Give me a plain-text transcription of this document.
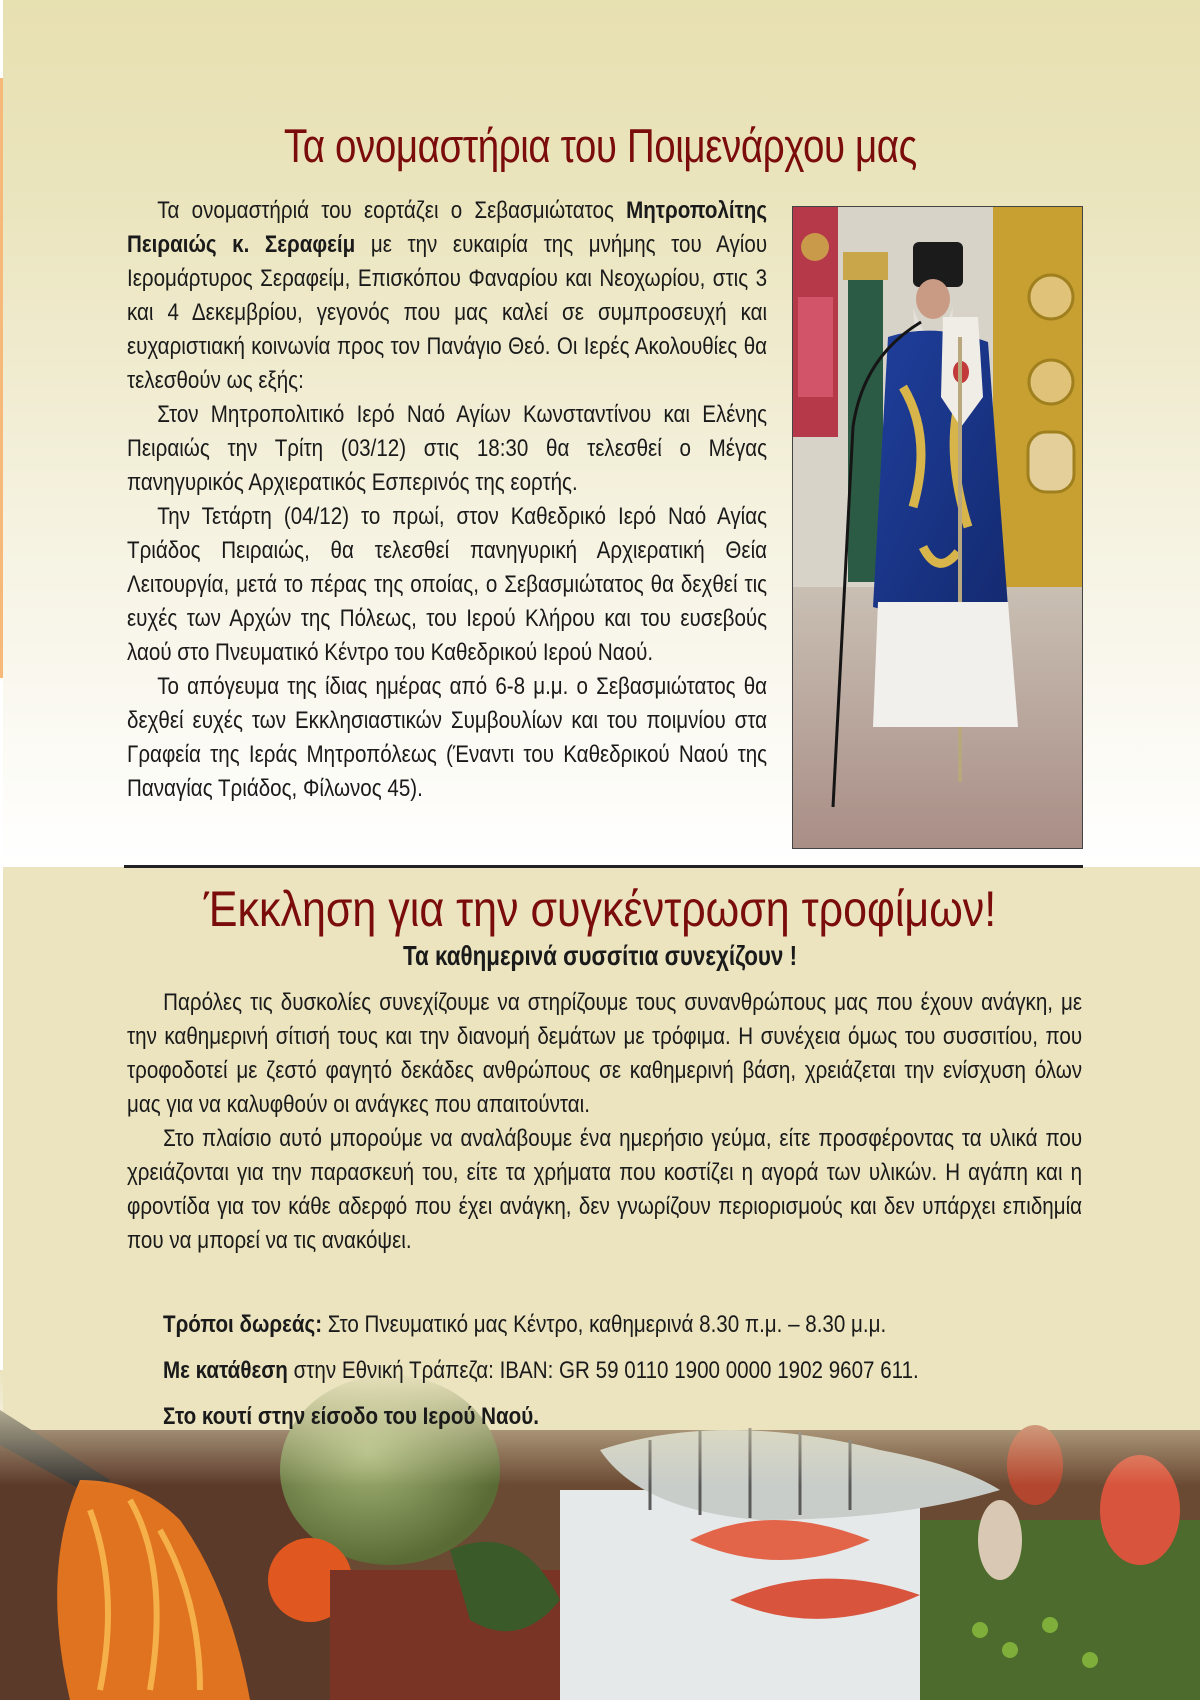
Τα ονομαστήρια του Ποιμενάρχου μας

Τα ονομαστήριά του εορτάζει ο Σεβασμιώτατος Μητροπολίτης Πειραιώς κ. Σεραφείμ με την ευκαιρία της μνήμης του Αγίου Ιερομάρτυρος Σεραφείμ, Επισκόπου Φαναρίου και Νεοχωρίου, στις 3 και 4 Δεκεμβρίου, γεγονός που μας καλεί σε συμπροσευχή και ευχαριστιακή κοινωνία προς τον Πανάγιο Θεό. Οι Ιερές Ακολουθίες θα τελεσθούν ως εξής:

Στον Μητροπολιτικό Ιερό Ναό Αγίων Κωνσταντίνου και Ελένης Πειραιώς την Τρίτη (03/12) στις 18:30 θα τελεσθεί ο Μέγας πανηγυρικός Αρχιερατικός Εσπερινός της εορτής.

Την Τετάρτη (04/12) το πρωί, στον Καθεδρικό Ιερό Ναό Αγίας Τριάδος Πειραιώς, θα τελεσθεί πανηγυρική Αρχιερατική Θεία Λειτουργία, μετά το πέρας της οποίας, ο Σεβασμιώτατος θα δεχθεί τις ευχές των Αρχών της Πόλεως, του Ιερού Κλήρου και του ευσεβούς λαού στο Πνευματικό Κέντρο του Καθεδρικού Ιερού Ναού.

Το απόγευμα της ίδιας ημέρας από 6-8 μ.μ. ο Σεβασμιώτατος θα δεχθεί ευχές των Εκκλησιαστικών Συμβουλίων και του ποιμνίου στα Γραφεία της Ιεράς Μητροπόλεως (Έναντι του Καθεδρικού Ναού της Παναγίας Τριάδος, Φίλωνος 45).

Έκκληση για την συγκέντρωση τροφίμων!
Τα καθημερινά συσσίτια συνεχίζουν !

Παρόλες τις δυσκολίες συνεχίζουμε να στηρίζουμε τους συνανθρώπους μας που έχουν ανάγκη, με την καθημερινή σίτισή τους και την διανομή δεμάτων με τρόφιμα. Η συνέχεια όμως του συσσιτίου, που τροφοδοτεί με ζεστό φαγητό δεκάδες ανθρώπους σε καθημερινή βάση, χρειάζεται την ενίσχυση όλων μας για να καλυφθούν οι ανάγκες που απαιτούνται.

Στο πλαίσιο αυτό μπορούμε να αναλάβουμε ένα ημερήσιο γεύμα, είτε προσφέροντας τα υλικά που χρειάζονται για την παρασκευή του, είτε τα χρήματα που κοστίζει η αγορά των υλικών. Η αγάπη και η φροντίδα για τον κάθε αδερφό που έχει ανάγκη, δεν γνωρίζουν περιορισμούς και δεν υπάρχει επιδημία που να μπορεί να τις ανακόψει.

Τρόποι δωρεάς: Στο Πνευματικό μας Κέντρο, καθημερινά 8.30 π.μ. – 8.30 μ.μ.
Με κατάθεση στην Εθνική Τράπεζα: IBAN: GR 59 0110 1900 0000 1902 9607 611.
Στο κουτί στην είσοδο του Ιερού Ναού.
